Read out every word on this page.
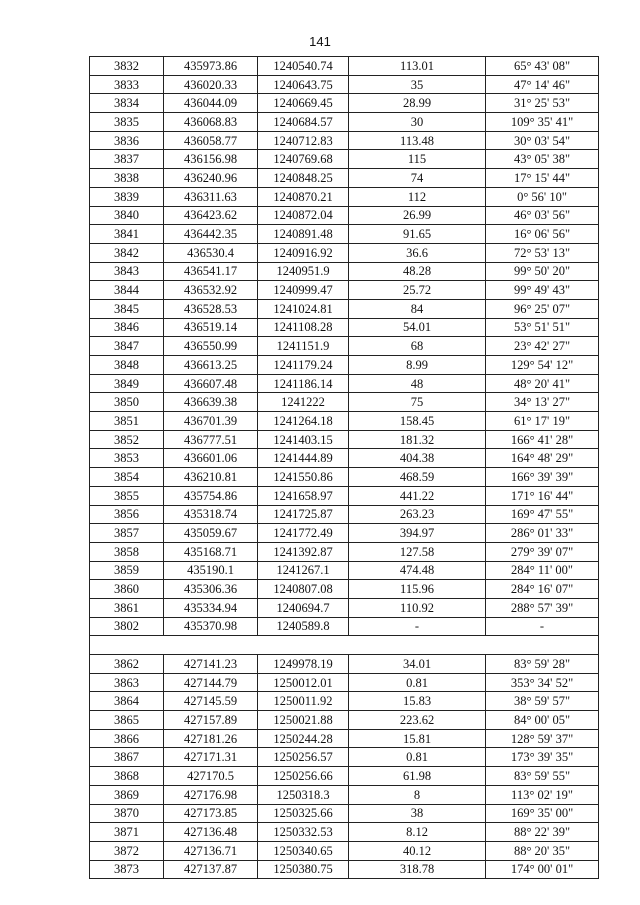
141
3832	435973.86	1240540.74	113.01	65° 43' 08"
3833	436020.33	1240643.75	35	47° 14' 46"
3834	436044.09	1240669.45	28.99	31° 25' 53"
3835	436068.83	1240684.57	30	109° 35' 41"
3836	436058.77	1240712.83	113.48	30° 03' 54"
3837	436156.98	1240769.68	115	43° 05' 38"
3838	436240.96	1240848.25	74	17° 15' 44"
3839	436311.63	1240870.21	112	0° 56' 10"
3840	436423.62	1240872.04	26.99	46° 03' 56"
3841	436442.35	1240891.48	91.65	16° 06' 56"
3842	436530.4	1240916.92	36.6	72° 53' 13"
3843	436541.17	1240951.9	48.28	99° 50' 20"
3844	436532.92	1240999.47	25.72	99° 49' 43"
3845	436528.53	1241024.81	84	96° 25' 07"
3846	436519.14	1241108.28	54.01	53° 51' 51"
3847	436550.99	1241151.9	68	23° 42' 27"
3848	436613.25	1241179.24	8.99	129° 54' 12"
3849	436607.48	1241186.14	48	48° 20' 41"
3850	436639.38	1241222	75	34° 13' 27"
3851	436701.39	1241264.18	158.45	61° 17' 19"
3852	436777.51	1241403.15	181.32	166° 41' 28"
3853	436601.06	1241444.89	404.38	164° 48' 29"
3854	436210.81	1241550.86	468.59	166° 39' 39"
3855	435754.86	1241658.97	441.22	171° 16' 44"
3856	435318.74	1241725.87	263.23	169° 47' 55"
3857	435059.67	1241772.49	394.97	286° 01' 33"
3858	435168.71	1241392.87	127.58	279° 39' 07"
3859	435190.1	1241267.1	474.48	284° 11' 00"
3860	435306.36	1240807.08	115.96	284° 16' 07"
3861	435334.94	1240694.7	110.92	288° 57' 39"
3802	435370.98	1240589.8	-	-

3862	427141.23	1249978.19	34.01	83° 59' 28"
3863	427144.79	1250012.01	0.81	353° 34' 52"
3864	427145.59	1250011.92	15.83	38° 59' 57"
3865	427157.89	1250021.88	223.62	84° 00' 05"
3866	427181.26	1250244.28	15.81	128° 59' 37"
3867	427171.31	1250256.57	0.81	173° 39' 35"
3868	427170.5	1250256.66	61.98	83° 59' 55"
3869	427176.98	1250318.3	8	113° 02' 19"
3870	427173.85	1250325.66	38	169° 35' 00"
3871	427136.48	1250332.53	8.12	88° 22' 39"
3872	427136.71	1250340.65	40.12	88° 20' 35"
3873	427137.87	1250380.75	318.78	174° 00' 01"
